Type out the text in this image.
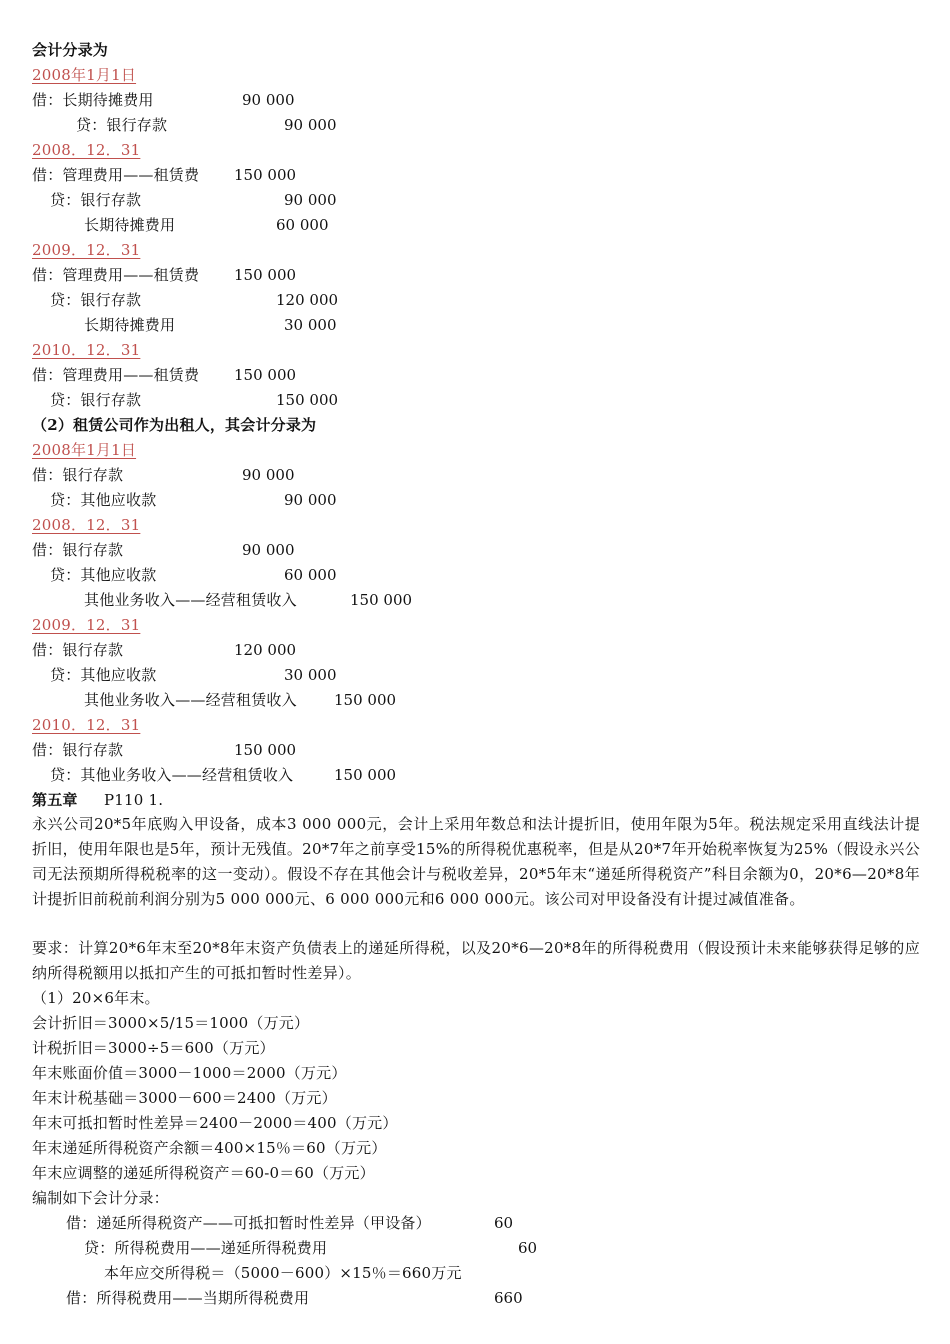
会计分录为
2008年1月1日
借：长期待摊费用	90 000
贷：银行存款	90 000
2008．12．31
借：管理费用——租赁费 150 000
贷：银行存款	90 000
长期待摊费用	60 000
2009．12．31
借：管理费用——租赁费 150 000
贷：银行存款	120 000
长期待摊费用	30 000
2010．12．31
借：管理费用——租赁费 150 000
贷：银行存款	150 000
（2）租赁公司作为出租人，其会计分录为
2008年1月1日
借：银行存款	90 000
贷：其他应收款	90 000
2008．12．31
借：银行存款	90 000
贷：其他应收款	60 000
其他业务收入——经营租赁收入	150 000
2009．12．31
借：银行存款	120 000
贷：其他应收款	30 000
其他业务收入——经营租赁收入 150 000
2010．12．31
借：银行存款	150 000
贷：其他业务收入——经营租赁收入	150 000
第五章 P110 1.
永兴公司20*5年底购入甲设备，成本3 000 000元，会计上采用年数总和法计提折旧，使用年限为5年。税法规定采用直线法计提折旧，使用年限也是5年，预计无残值。20*7年之前享受15%的所得税优惠税率，但是从20*7年开始税率恢复为25%（假设永兴公司无法预期所得税税率的这一变动）。假设不存在其他会计与税收差异，20*5年末“递延所得税资产”科目余额为0，20*6—20*8年计提折旧前税前利润分别为5 000 000元、6 000 000元和6 000 000元。该公司对甲设备没有计提过减值准备。
要求：计算20*6年末至20*8年末资产负债表上的递延所得税，以及20*6—20*8年的所得税费用（假设预计未来能够获得足够的应纳所得税额用以抵扣产生的可抵扣暂时性差异）。
（1）20×6年末。
会计折旧＝3000×5/15＝1000（万元）
计税折旧＝3000÷5＝600（万元）
年末账面价值＝3000－1000＝2000（万元）
年末计税基础＝3000－600＝2400（万元）
年末可抵扣暂时性差异＝2400－2000＝400（万元）
年末递延所得税资产余额＝400×15％＝60（万元）
年末应调整的递延所得税资产＝60-0＝60（万元）
编制如下会计分录：
借：递延所得税资产——可抵扣暂时性差异（甲设备）	60
贷：所得税费用——递延所得税费用	60
本年应交所得税＝（5000－600）×15％＝660万元
借：所得税费用——当期所得税费用	660
